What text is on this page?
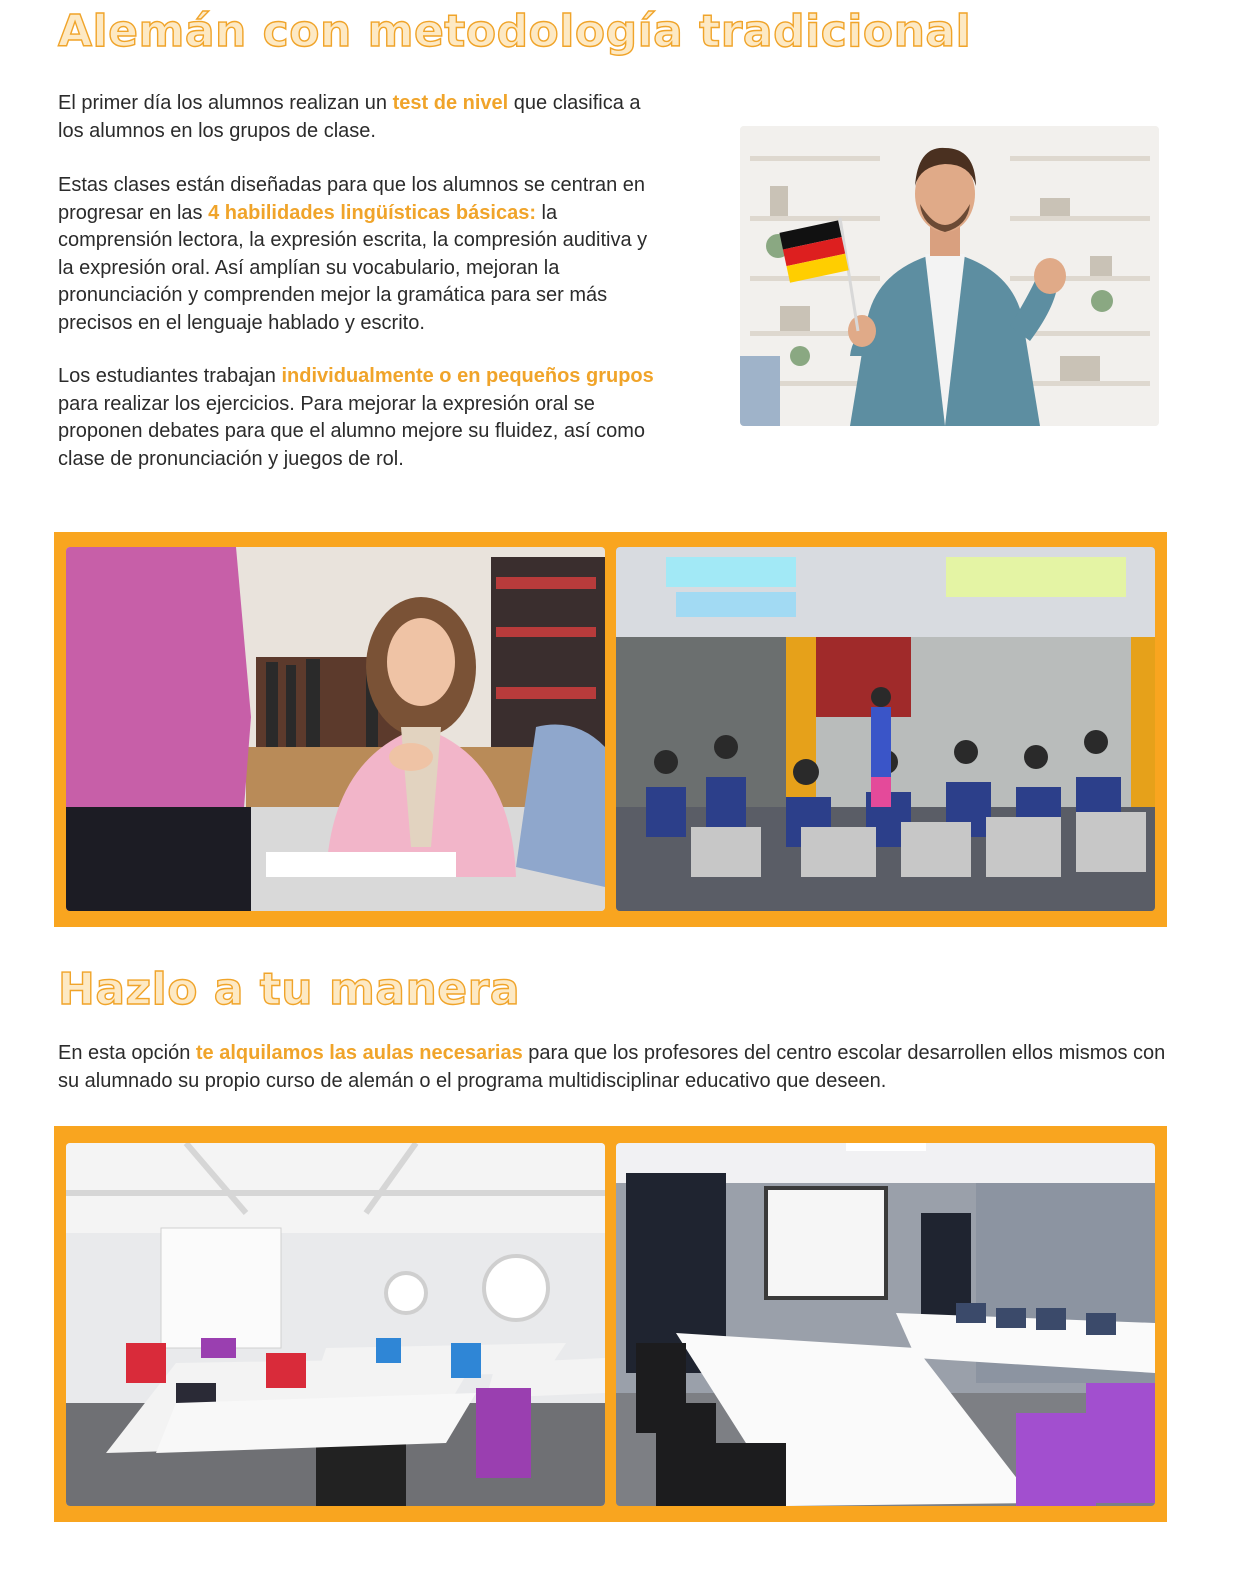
Alemán con metodología tradicional

El primer día los alumnos realizan un test de nivel que clasifica a los alumnos en los grupos de clase.

Estas clases están diseñadas para que los alumnos se centran en progresar en las 4 habilidades lingüísticas básicas: la comprensión lectora, la expresión escrita, la compresión auditiva y la expresión oral. Así amplían su vocabulario, mejoran la pronunciación y comprenden mejor la gramática para ser más precisos en el lenguaje hablado y escrito.

Los estudiantes trabajan individualmente o en pequeños grupos para realizar los ejercicios. Para mejorar la expresión oral se proponen debates para que el alumno mejore su fluidez, así como clase de pronunciación y juegos de rol.

Hazlo a tu manera

En esta opción te alquilamos las aulas necesarias para que los profesores del centro escolar desarrollen ellos mismos con su alumnado su propio curso de alemán o el programa multidisciplinar educativo que deseen.
